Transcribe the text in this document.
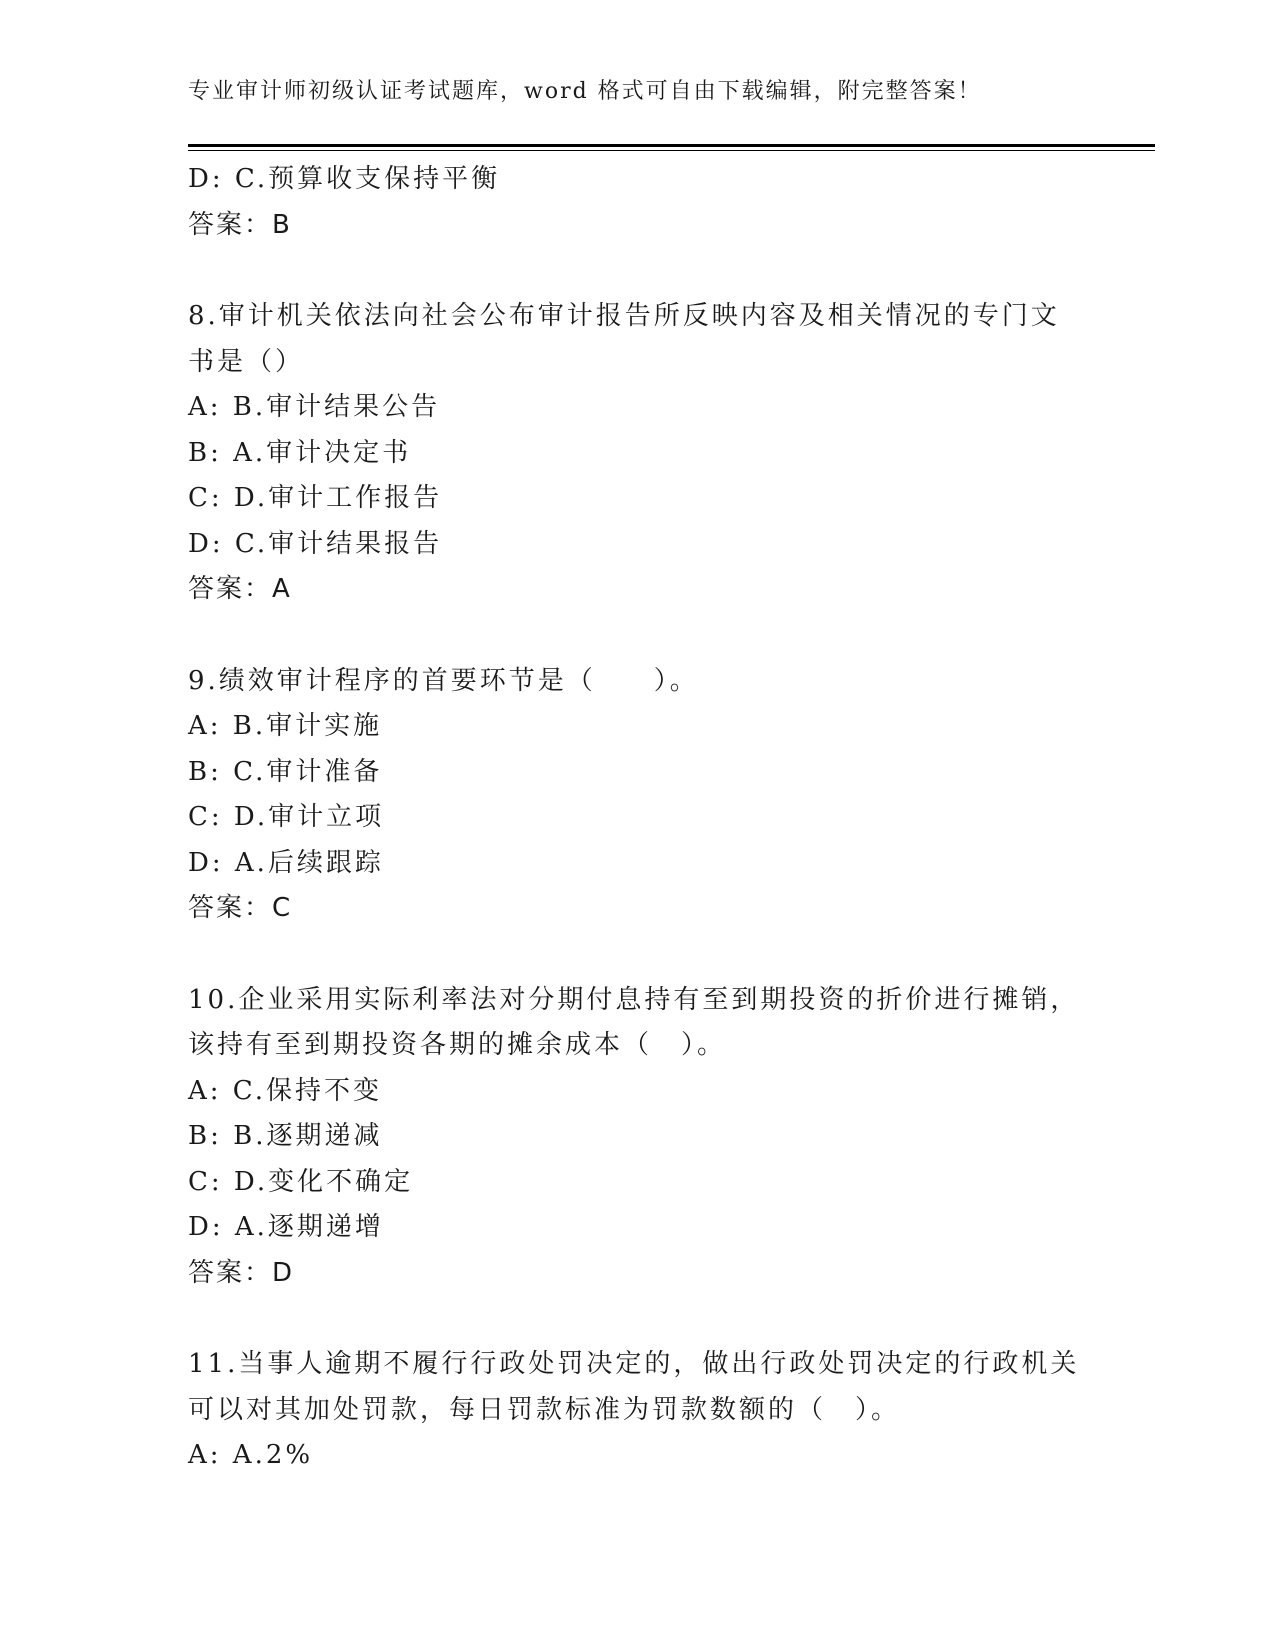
专业审计师初级认证考试题库，word 格式可自由下载编辑，附完整答案！
D: C.预算收支保持平衡
答案：B
8.审计机关依法向社会公布审计报告所反映内容及相关情况的专门文
书是（）
A: B.审计结果公告
B: A.审计决定书
C: D.审计工作报告
D: C.审计结果报告
答案：A
9.绩效审计程序的首要环节是（　　）。
A: B.审计实施
B: C.审计准备
C: D.审计立项
D: A.后续跟踪
答案：C
10.企业采用实际利率法对分期付息持有至到期投资的折价进行摊销，
该持有至到期投资各期的摊余成本（　）。
A: C.保持不变
B: B.逐期递减
C: D.变化不确定
D: A.逐期递增
答案：D
11.当事人逾期不履行行政处罚决定的，做出行政处罚决定的行政机关
可以对其加处罚款，每日罚款标准为罚款数额的（　）。
A: A.2%
